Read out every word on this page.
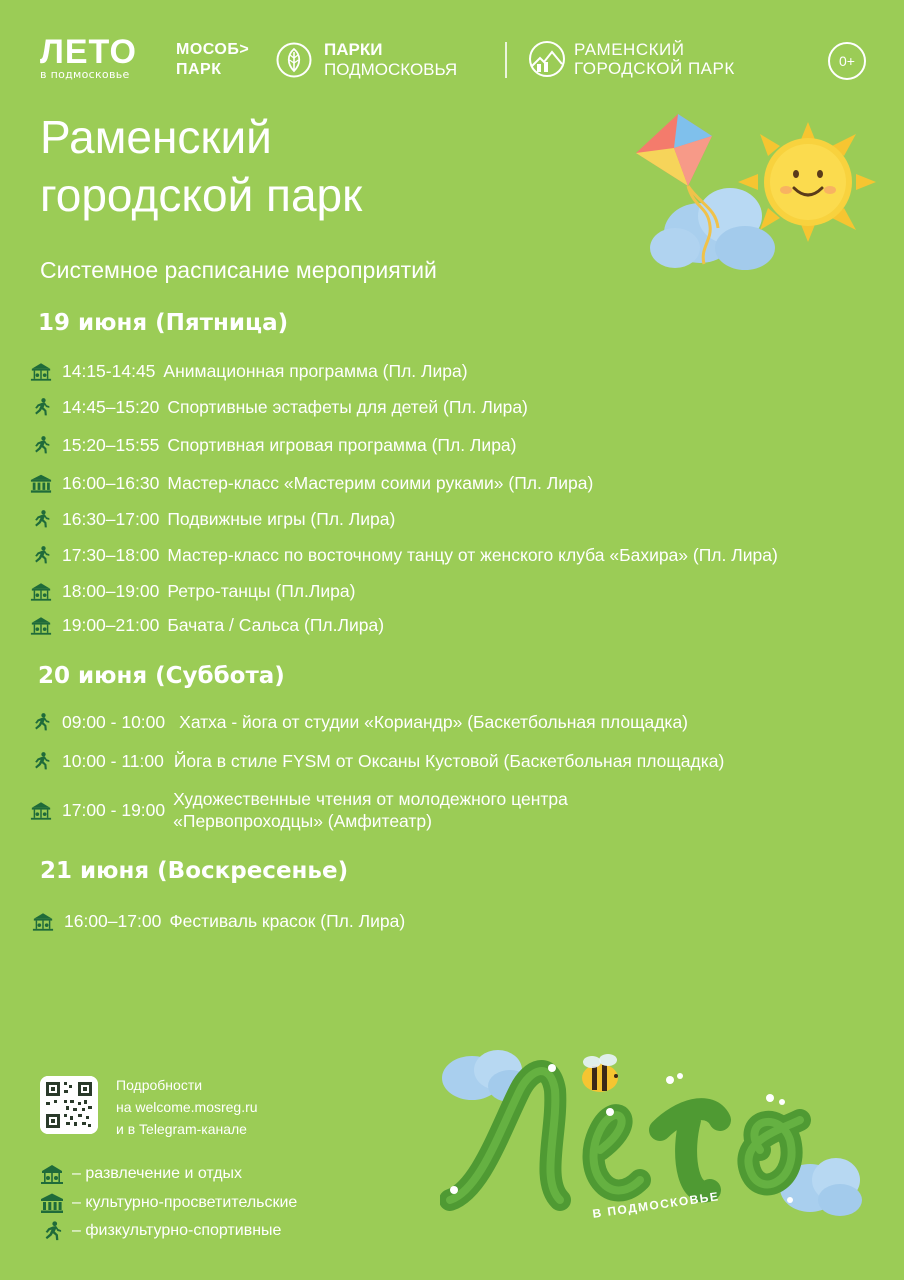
ЛЕТО
в подмосковье
МОСОБ>
ПАРК
ПАРКИ
ПОДМОСКОВЬЯ
РАМЕНСКИЙ
ГОРОДСКОЙ ПАРК	0+
Раменский
городской парк
Системное расписание мероприятий
19 июня (Пятница)
14:15-14:45 Анимационная программа (Пл. Лира)
14:45–15:20 Спортивные эстафеты для детей (Пл. Лира)
15:20–15:55 Спортивная игровая программа (Пл. Лира)
16:00–16:30 Мастер-класс «Мастерим соими руками» (Пл. Лира)
16:30–17:00 Подвижные игры (Пл. Лира)
17:30–18:00 Мастер-класс по восточному танцу от женского клуба «Бахира» (Пл. Лира)
18:00–19:00 Ретро-танцы (Пл.Лира)
19:00–21:00 Бачата / Сальса (Пл.Лира)
20 июня (Суббота)
09:00 - 10:00 Хатха - йога от студии «Кориандр» (Баскетбольная площадка)
10:00 - 11:00 Йога в стиле FYSM от Оксаны Кустовой (Баскетбольная площадка)
17:00 - 19:00
Художественные чтения от молодежного центра
«Первопроходцы» (Амфитеатр)
21 июня (Воскресенье)
16:00–17:00 Фестиваль красок (Пл. Лира)
Подробности
на welcome.mosreg.ru
и в Telegram-канале
– развлечение и отдых
– культурно-просветительские
– физкультурно-спортивные
В ПОДМОСКОВЬЕ
